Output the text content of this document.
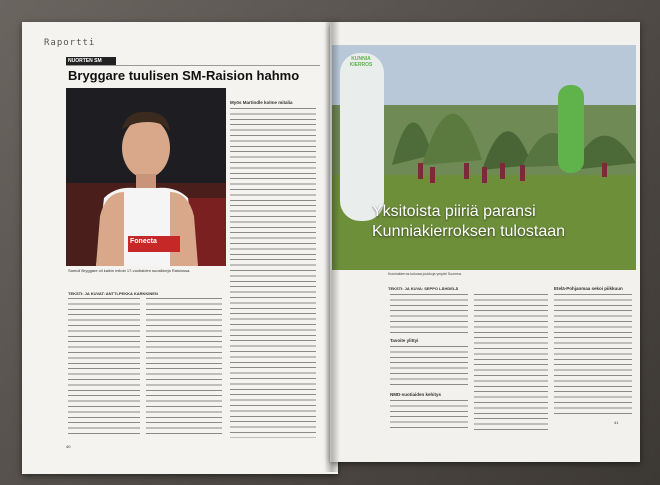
Raportti
NUORTEN SM
Bryggare tuulisen SM-Raision hahmo
Fonecta
Samuli Bryggare oli kaikin mitoin 17-vuotiaiden suosikkeja Raisiossa.
TEKSTI: JA KUVAT: ANTTI-PEKKA KARKKINEN
Myös Martindle kolme mitalia
40
KUNNIA KIERROS
Yksitoista piiriä paransi
Kunniakierroksen tulostaan
Kunniakierros kokoaa joukkoja ympäri Suomea.
TEKSTI: JA KUVA: SEPPO LÄHDELÄ
Tavoite ylittyi
NMD-vuotiaiden kehitys
Etelä-Pohjanmaa sekoi piikkuun
41
